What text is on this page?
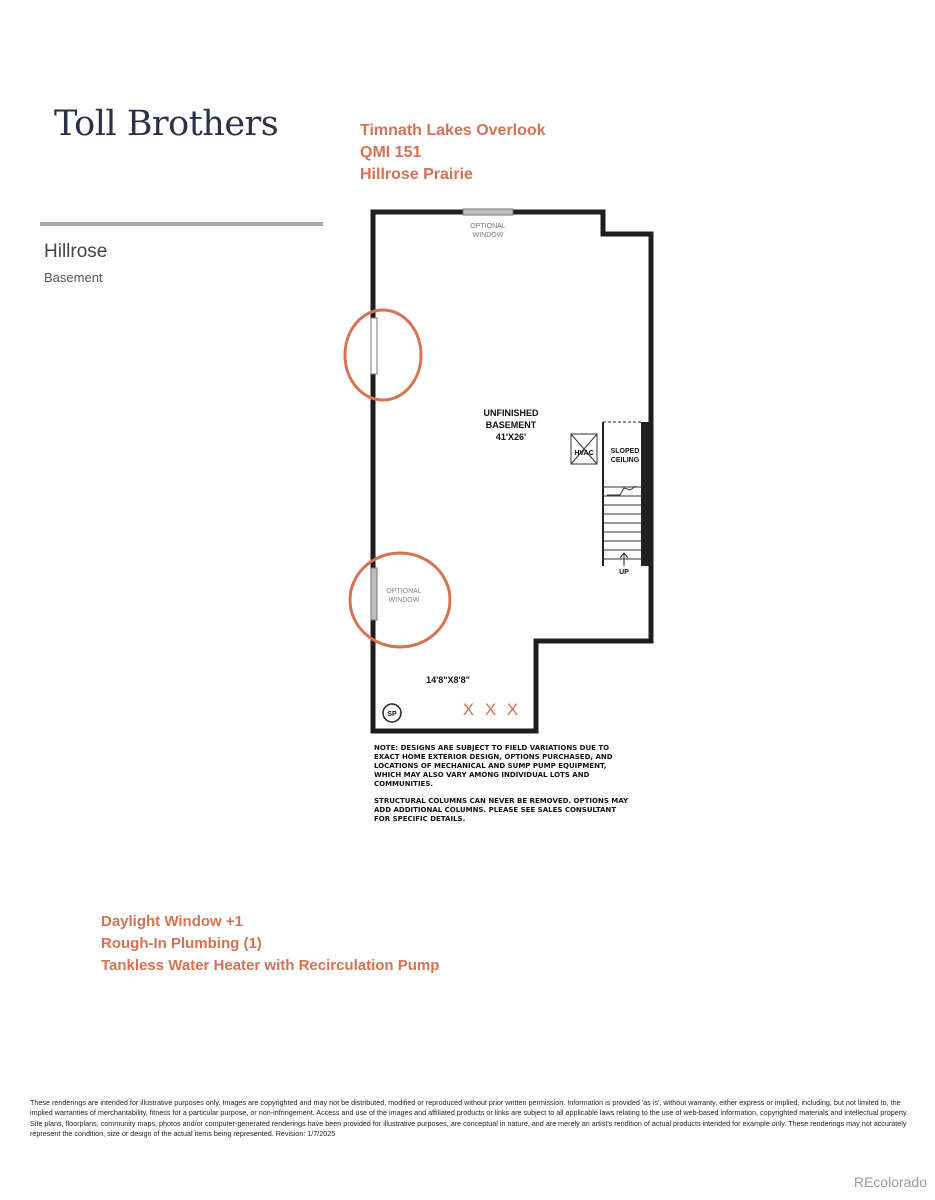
Toll Brothers	Timnath Lakes Overlook
QMI 151
Hillrose Prairie
Hillrose
Basement
OPTIONAL
WINDOW
OPTIONAL
WINDOW
UNFINISHED
BASEMENT
41'X26'
HVAC SLOPED
CEILING
UP
14'8"X8'8"
SP	X X X

NOTE: DESIGNS ARE SUBJECT TO FIELD VARIATIONS DUE TO EXACT HOME EXTERIOR DESIGN, OPTIONS PURCHASED, AND LOCATIONS OF MECHANICAL AND SUMP PUMP EQUIPMENT, WHICH MAY ALSO VARY AMONG INDIVIDUAL LOTS AND COMMUNITIES.

STRUCTURAL COLUMNS CAN NEVER BE REMOVED. OPTIONS MAY ADD ADDITIONAL COLUMNS. PLEASE SEE SALES CONSULTANT FOR SPECIFIC DETAILS.

Daylight Window +1
Rough-In Plumbing (1)
Tankless Water Heater with Recirculation Pump
These renderings are intended for illustrative purposes only. Images are copyrighted and may not be distributed, modified or reproduced without prior written permission. Information is provided 'as is', without warranty, either express or implied, including, but not limited to, the implied warranties of merchantability, fitness for a particular purpose, or non-infringement. Access and use of the images and affiliated products or links are subject to all applicable laws relating to the use of web-based information, copyrighted materials and intellectual property. Site plans, floorplans, community maps, photos and/or computer-generated renderings have been provided for illustrative purposes, are conceptual in nature, and are merely an artist's rendition of actual products intended for example only. These renderings may not accurately represent the condition, size or design of the actual items being represented. Revision: 1/7/2025
REcolorado
